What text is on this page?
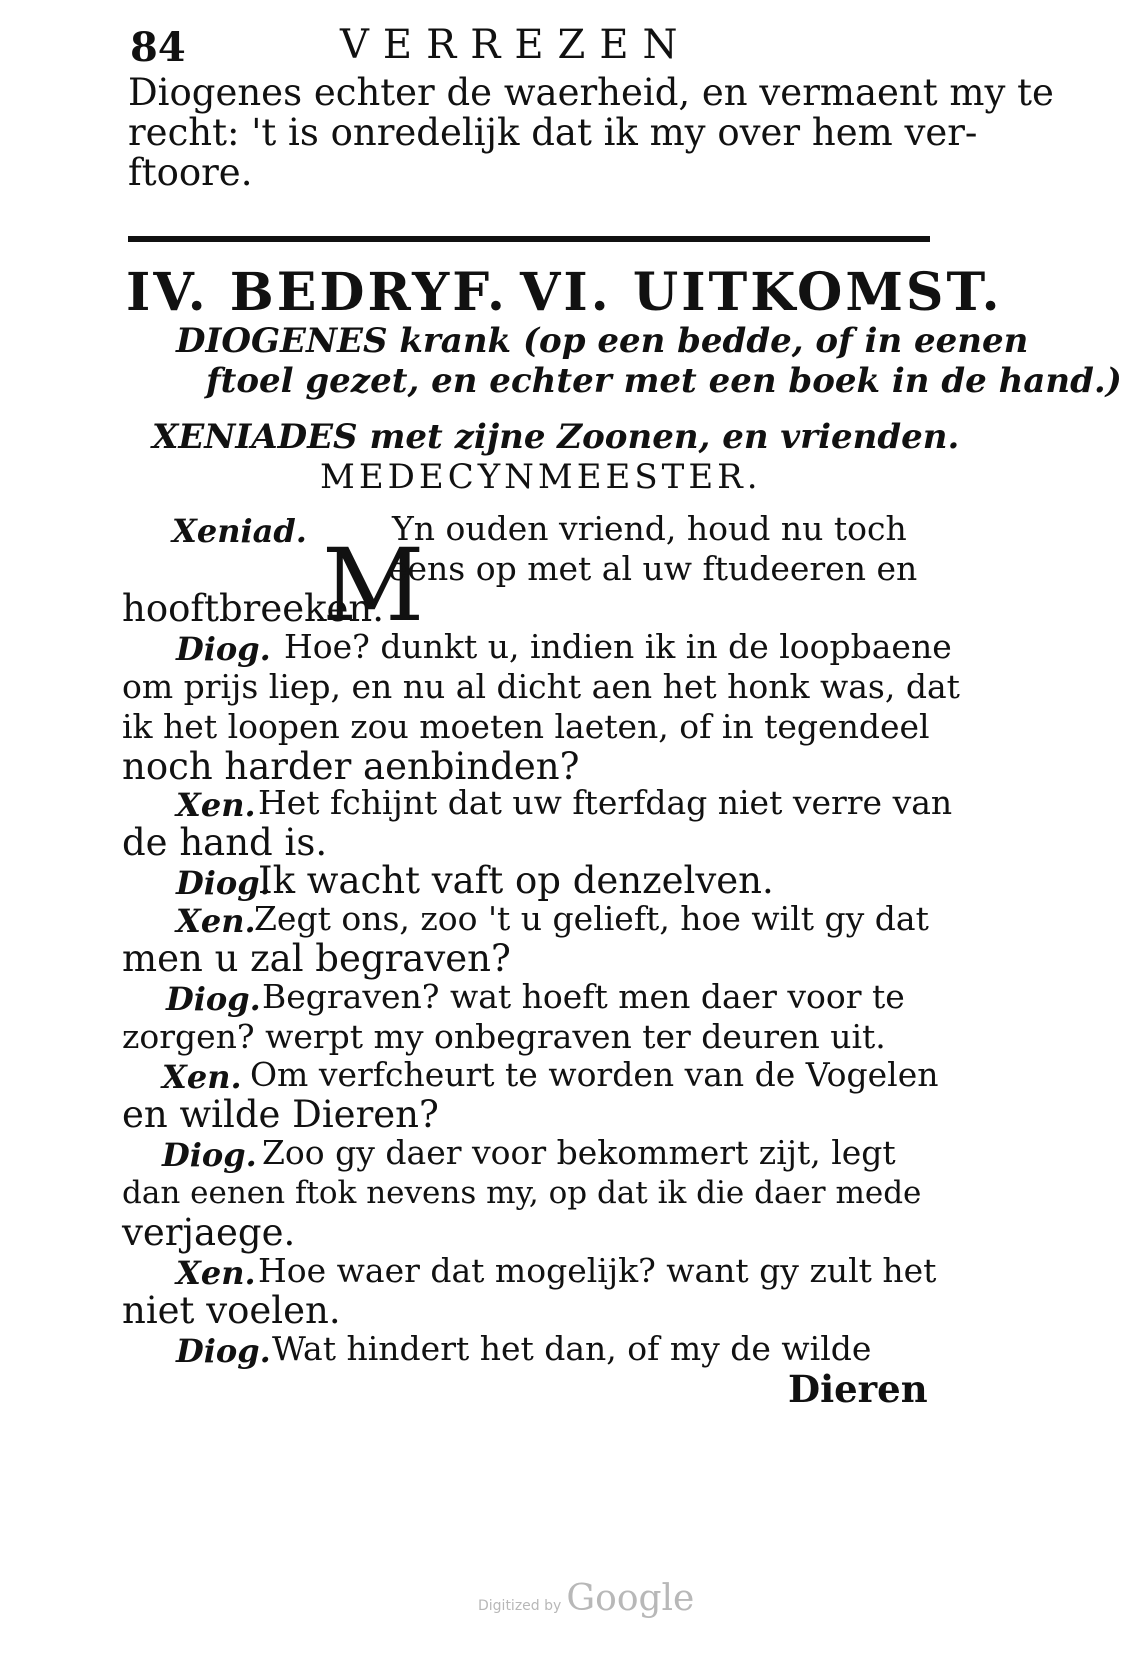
84	VERREZEN
Diogenes echter de waerheid, en vermaent my te
recht: 't is onredelijk dat ik my over hem ver-
ftoore.
IV. BEDRYF. VI. UITKOMST.
DIOGENES krank (op een bedde, of in eenen
ftoel gezet, en echter met een boek in de hand.)
XENIADES met zijne Zoonen, en vrienden.
MEDECYNMEESTER.
M
Xeniad.	Yn ouden vriend, houd nu toch
eens op met al uw ftudeeren en
hooftbreeken.
Diog. Hoe? dunkt u, indien ik in de loopbaene
om prijs liep, en nu al dicht aen het honk was, dat
ik het loopen zou moeten laeten, of in tegendeel
noch harder aenbinden?
Xen. Het fchijnt dat uw fterfdag niet verre van
de hand is.
Diog.
Ik wacht vaft op denzelven.
Xen.
Zegt ons, zoo 't u gelieft, hoe wilt gy dat
men u zal begraven?
Diog. Begraven? wat hoeft men daer voor te
zorgen? werpt my onbegraven ter deuren uit.
Xen. Om verfcheurt te worden van de Vogelen
en wilde Dieren?
Diog. Zoo gy daer voor bekommert zijt, legt
dan eenen ftok nevens my, op dat ik die daer mede
verjaege.
Xen. Hoe waer dat mogelijk? want gy zult het
niet voelen.
Diog. Wat hindert het dan, of my de wilde
Dieren
Digitized by Google
